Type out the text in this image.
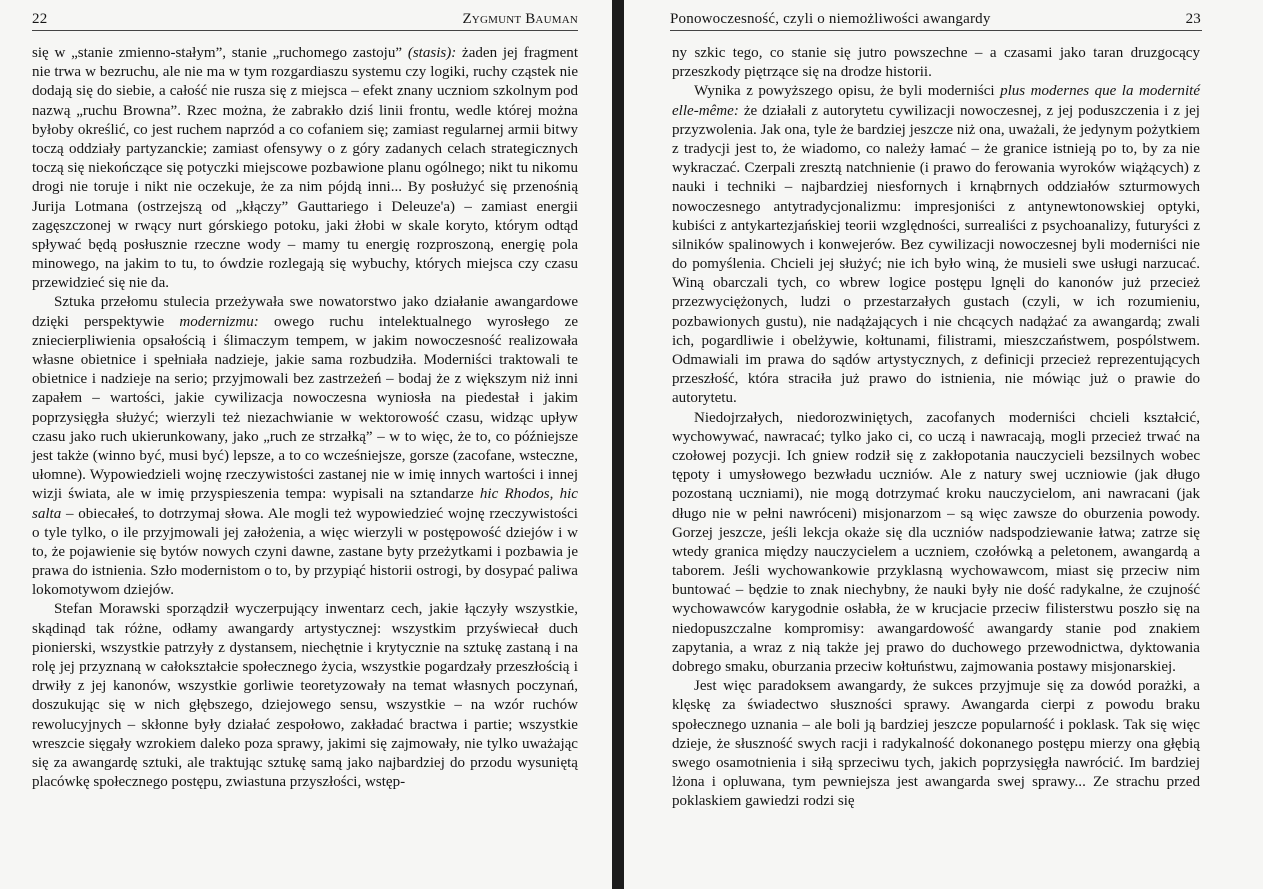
22	Zygmunt Bauman

się w „stanie zmienno-stałym”, stanie „ruchomego zastoju” (stasis): żaden jej fragment nie trwa w bezruchu, ale nie ma w tym rozgardiaszu systemu czy logiki, ruchy cząstek nie dodają się do siebie, a całość nie rusza się z miejsca – efekt znany uczniom szkolnym pod nazwą „ruchu Browna”. Rzec można, że zabrakło dziś linii frontu, wedle której można byłoby określić, co jest ruchem naprzód a co cofaniem się; zamiast regularnej armii bitwy toczą oddziały partyzanckie; zamiast ofensywy o z góry zadanych celach strategicznych toczą się niekończące się potyczki miejscowe pozbawione planu ogólnego; nikt tu nikomu drogi nie toruje i nikt nie oczekuje, że za nim pójdą inni... By posłużyć się przenośnią Jurija Lotmana (ostrzejszą od „kłączy” Gauttariego i Deleuze'a) – zamiast energii zagęszczonej w rwący nurt górskiego potoku, jaki żłobi w skale koryto, którym odtąd spływać będą posłusznie rzeczne wody – mamy tu energię rozproszoną, energię pola minowego, na jakim to tu, to ówdzie rozlegają się wybuchy, których miejsca czy czasu przewidzieć się nie da.

Sztuka przełomu stulecia przeżywała swe nowatorstwo jako działanie awangardowe dzięki perspektywie modernizmu: owego ruchu intelektualnego wyrosłego ze zniecierpliwienia opsałością i ślimaczym tempem, w jakim nowoczesność realizowała własne obietnice i spełniała nadzieje, jakie sama rozbudziła. Moderniści traktowali te obietnice i nadzieje na serio; przyjmowali bez zastrzeżeń – bodaj że z większym niż inni zapałem – wartości, jakie cywilizacja nowoczesna wyniosła na piedestał i jakim poprzysięgła służyć; wierzyli też niezachwianie w wektorowość czasu, widząc upływ czasu jako ruch ukierunkowany, jako „ruch ze strzałką” – w to więc, że to, co późniejsze jest także (winno być, musi być) lepsze, a to co wcześniejsze, gorsze (zacofane, wsteczne, ułomne). Wypowiedzieli wojnę rzeczywistości zastanej nie w imię innych wartości i innej wizji świata, ale w imię przyspieszenia tempa: wypisali na sztandarze hic Rhodos, hic salta – obiecałeś, to dotrzymaj słowa. Ale mogli też wypowiedzieć wojnę rzeczywistości o tyle tylko, o ile przyjmowali jej założenia, a więc wierzyli w postępowość dziejów i w to, że pojawienie się bytów nowych czyni dawne, zastane byty przeżytkami i pozbawia je prawa do istnienia. Szło modernistom o to, by przypiąć historii ostrogi, by dosypać paliwa lokomotywom dziejów.

Stefan Morawski sporządził wyczerpujący inwentarz cech, jakie łączyły wszystkie, skądinąd tak różne, odłamy awangardy artystycznej: wszystkim przyświecał duch pionierski, wszystkie patrzyły z dystansem, niechętnie i krytycznie na sztukę zastaną i na rolę jej przyznaną w całokształcie społecznego życia, wszystkie pogardzały przeszłością i drwiły z jej kanonów, wszystkie gorliwie teoretyzowały na temat własnych poczynań, doszukując się w nich głębszego, dziejowego sensu, wszystkie – na wzór ruchów rewolucyjnych – skłonne były działać zespołowo, zakładać bractwa i partie; wszystkie wreszcie sięgały wzrokiem daleko poza sprawy, jakimi się zajmowały, nie tylko uważając się za awangardę sztuki, ale traktując sztukę samą jako najbardziej do przodu wysuniętą placówkę społecznego postępu, zwiastuna przyszłości, wstęp-

Ponowoczesność, czyli o niemożliwości awangardy	23

ny szkic tego, co stanie się jutro powszechne – a czasami jako taran druzgocący przeszkody piętrzące się na drodze historii.

Wynika z powyższego opisu, że byli moderniści plus modernes que la modernité elle-même: że działali z autorytetu cywilizacji nowoczesnej, z jej poduszczenia i z jej przyzwolenia. Jak ona, tyle że bardziej jeszcze niż ona, uważali, że jedynym pożytkiem z tradycji jest to, że wiadomo, co należy łamać – że granice istnieją po to, by za nie wykraczać. Czerpali zresztą natchnienie (i prawo do ferowania wyroków wiążących) z nauki i techniki – najbardziej niesfornych i krnąbrnych oddziałów szturmowych nowoczesnego antytradycjonalizmu: impresjoniści z antynewtonowskiej optyki, kubiści z antykartezjańskiej teorii względności, surrealiści z psychoanalizy, futuryści z silników spalinowych i konwejerów. Bez cywilizacji nowoczesnej byli moderniści nie do pomyślenia. Chcieli jej służyć; nie ich było winą, że musieli swe usługi narzucać. Winą obarczali tych, co wbrew logice postępu lgnęli do kanonów już przecież przezwyciężonych, ludzi o przestarzałych gustach (czyli, w ich rozumieniu, pozbawionych gustu), nie nadążających i nie chcących nadążać za awangardą; zwali ich, pogardliwie i obelżywie, kołtunami, filistrami, mieszczaństwem, pospólstwem. Odmawiali im prawa do sądów artystycznych, z definicji przecież reprezentujących przeszłość, która straciła już prawo do istnienia, nie mówiąc już o prawie do autorytetu.

Niedojrzałych, niedorozwiniętych, zacofanych moderniści chcieli kształcić, wychowywać, nawracać; tylko jako ci, co uczą i nawracają, mogli przecież trwać na czołowej pozycji. Ich gniew rodził się z zakłopotania nauczycieli bezsilnych wobec tępoty i umysłowego bezwładu uczniów. Ale z natury swej uczniowie (jak długo pozostaną uczniami), nie mogą dotrzymać kroku nauczycielom, ani nawracani (jak długo nie w pełni nawróceni) misjonarzom – są więc zawsze do oburzenia powody. Gorzej jeszcze, jeśli lekcja okaże się dla uczniów nadspodziewanie łatwa; zatrze się wtedy granica między nauczycielem a uczniem, czołówką a peletonem, awangardą a taborem. Jeśli wychowankowie przyklasną wychowawcom, miast się przeciw nim buntować – będzie to znak niechybny, że nauki były nie dość radykalne, że czujność wychowawców karygodnie osłabła, że w krucjacie przeciw filisterstwu poszło się na niedopuszczalne kompromisy: awangardowość awangardy stanie pod znakiem zapytania, a wraz z nią także jej prawo do duchowego przewodnictwa, dyktowania dobrego smaku, oburzania przeciw kołtuństwu, zajmowania postawy misjonarskiej.

Jest więc paradoksem awangardy, że sukces przyjmuje się za dowód porażki, a klęskę za świadectwo słuszności sprawy. Awangarda cierpi z powodu braku społecznego uznania – ale boli ją bardziej jeszcze popularność i poklask. Tak się więc dzieje, że słuszność swych racji i radykalność dokonanego postępu mierzy ona głębią swego osamotnienia i siłą sprzeciwu tych, jakich poprzysięgła nawrócić. Im bardziej lżona i opluwana, tym pewniejsza jest awangarda swej sprawy... Ze strachu przed poklaskiem gawiedzi rodzi się
